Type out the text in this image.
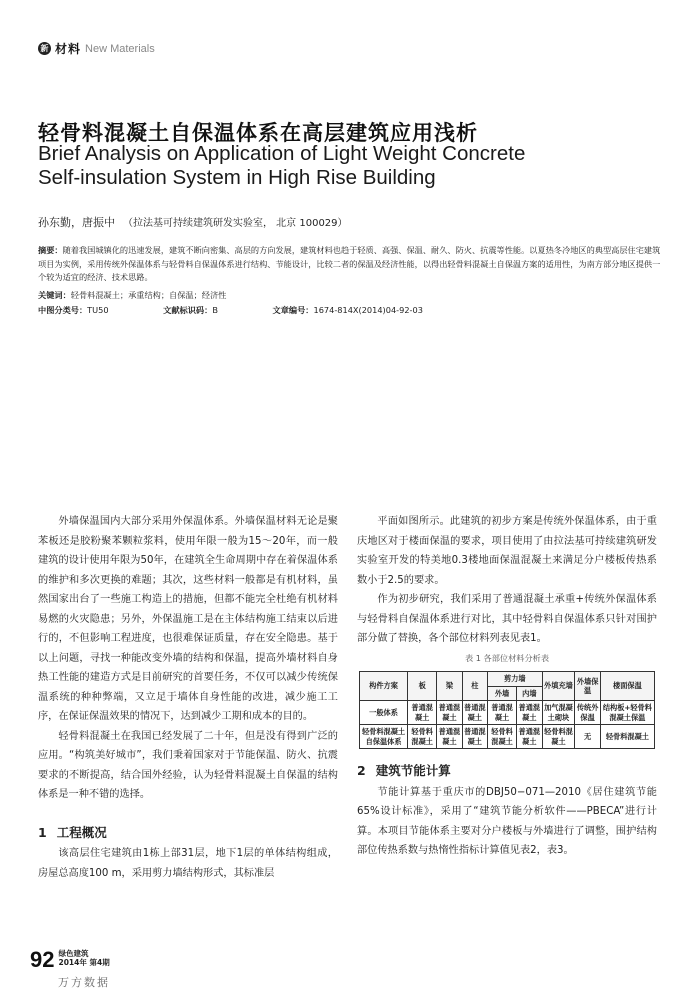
新 材料 New Materials
轻骨料混凝土自保温体系在高层建筑应用浅析
Brief Analysis on Application of Light Weight Concrete
Self-insulation System in High Rise Building
孙东勤，唐振中 （拉法基可持续建筑研发实验室， 北京 100029）
摘要：随着我国城镇化的迅速发展，建筑不断向密集、高层的方向发展，建筑材料也趋于轻质、高强、保温、耐久、防火、抗震等性能。以夏热冬冷地区的典型高层住宅建筑项目为实例，采用传统外保温体系与轻骨料自保温体系进行结构、节能设计，比较二者的保温及经济性能，以得出轻骨料混凝土自保温方案的适用性，为南方部分地区提供一个较为适宜的经济、技术思路。
关键词：轻骨料混凝土；承重结构；自保温；经济性
中图分类号：TU50	文献标识码：B	文章编号：1674-814X(2014)04-92-03

外墙保温国内大部分采用外保温体系。外墙保温材料无论是聚苯板还是胶粉聚苯颗粒浆料，使用年限一般为15～20年，而一般建筑的设计使用年限为50年，在建筑全生命周期中存在着保温体系的维护和多次更换的难题；其次，这些材料一般都是有机材料，虽然国家出台了一些施工构造上的措施，但都不能完全杜绝有机材料易燃的火灾隐患；另外，外保温施工是在主体结构施工结束以后进行的，不但影响工程进度，也很难保证质量，存在安全隐患。基于以上问题，寻找一种能改变外墙的结构和保温，提高外墙材料自身热工性能的建造方式是目前研究的首要任务，不仅可以减少传统保温系统的种种弊端，又立足于墙体自身性能的改进，减少施工工序，在保证保温效果的情况下，达到减少工期和成本的目的。

轻骨料混凝土在我国已经发展了二十年，但是没有得到广泛的应用。“构筑美好城市”，我们秉着国家对于节能保温、防火、抗震要求的不断提高，结合国外经验，认为轻骨料混凝土自保温的结构体系是一种不错的选择。

1 工程概况

该高层住宅建筑由1栋上部31层，地下1层的单体结构组成，房屋总高度100 m，采用剪力墙结构形式，其标准层

平面如图所示。此建筑的初步方案是传统外保温体系，由于重庆地区对于楼面保温的要求，项目使用了由拉法基可持续建筑研发实验室开发的特美地0.3楼地面保温混凝土来满足分户楼板传热系数小于2.5的要求。

作为初步研究，我们采用了普通混凝土承重+传统外保温体系与轻骨料自保温体系进行对比，其中轻骨料自保温体系只针对围护部分做了替换，各个部位材料列表见表1。

表 1 各部位材料分析表

构件方案	板	梁	柱	剪力墙		外填充墙	外墙保温	楼面保温
				外墙	内墙			
一般体系	普通混凝土	普通混凝土	普通混凝土	普通混凝土	普通混凝土	加气混凝土砌块	传统外保温	结构板+轻骨料混凝土保温
轻骨料混凝土自保温体系	轻骨料混凝土	普通混凝土	普通混凝土	轻骨料混凝土	普通混凝土	轻骨料混凝土	无	轻骨料混凝土

2 建筑节能计算

节能计算基于重庆市的DBJ50−071—2010《居住建筑节能65%设计标准》，采用了“建筑节能分析软件——PBECA”进行计算。本项目节能体系主要对分户楼板与外墙进行了调整，围护结构部位传热系数与热惰性指标计算值见表2，表3。

92 绿色建筑
2014年 第4期
万方数据
